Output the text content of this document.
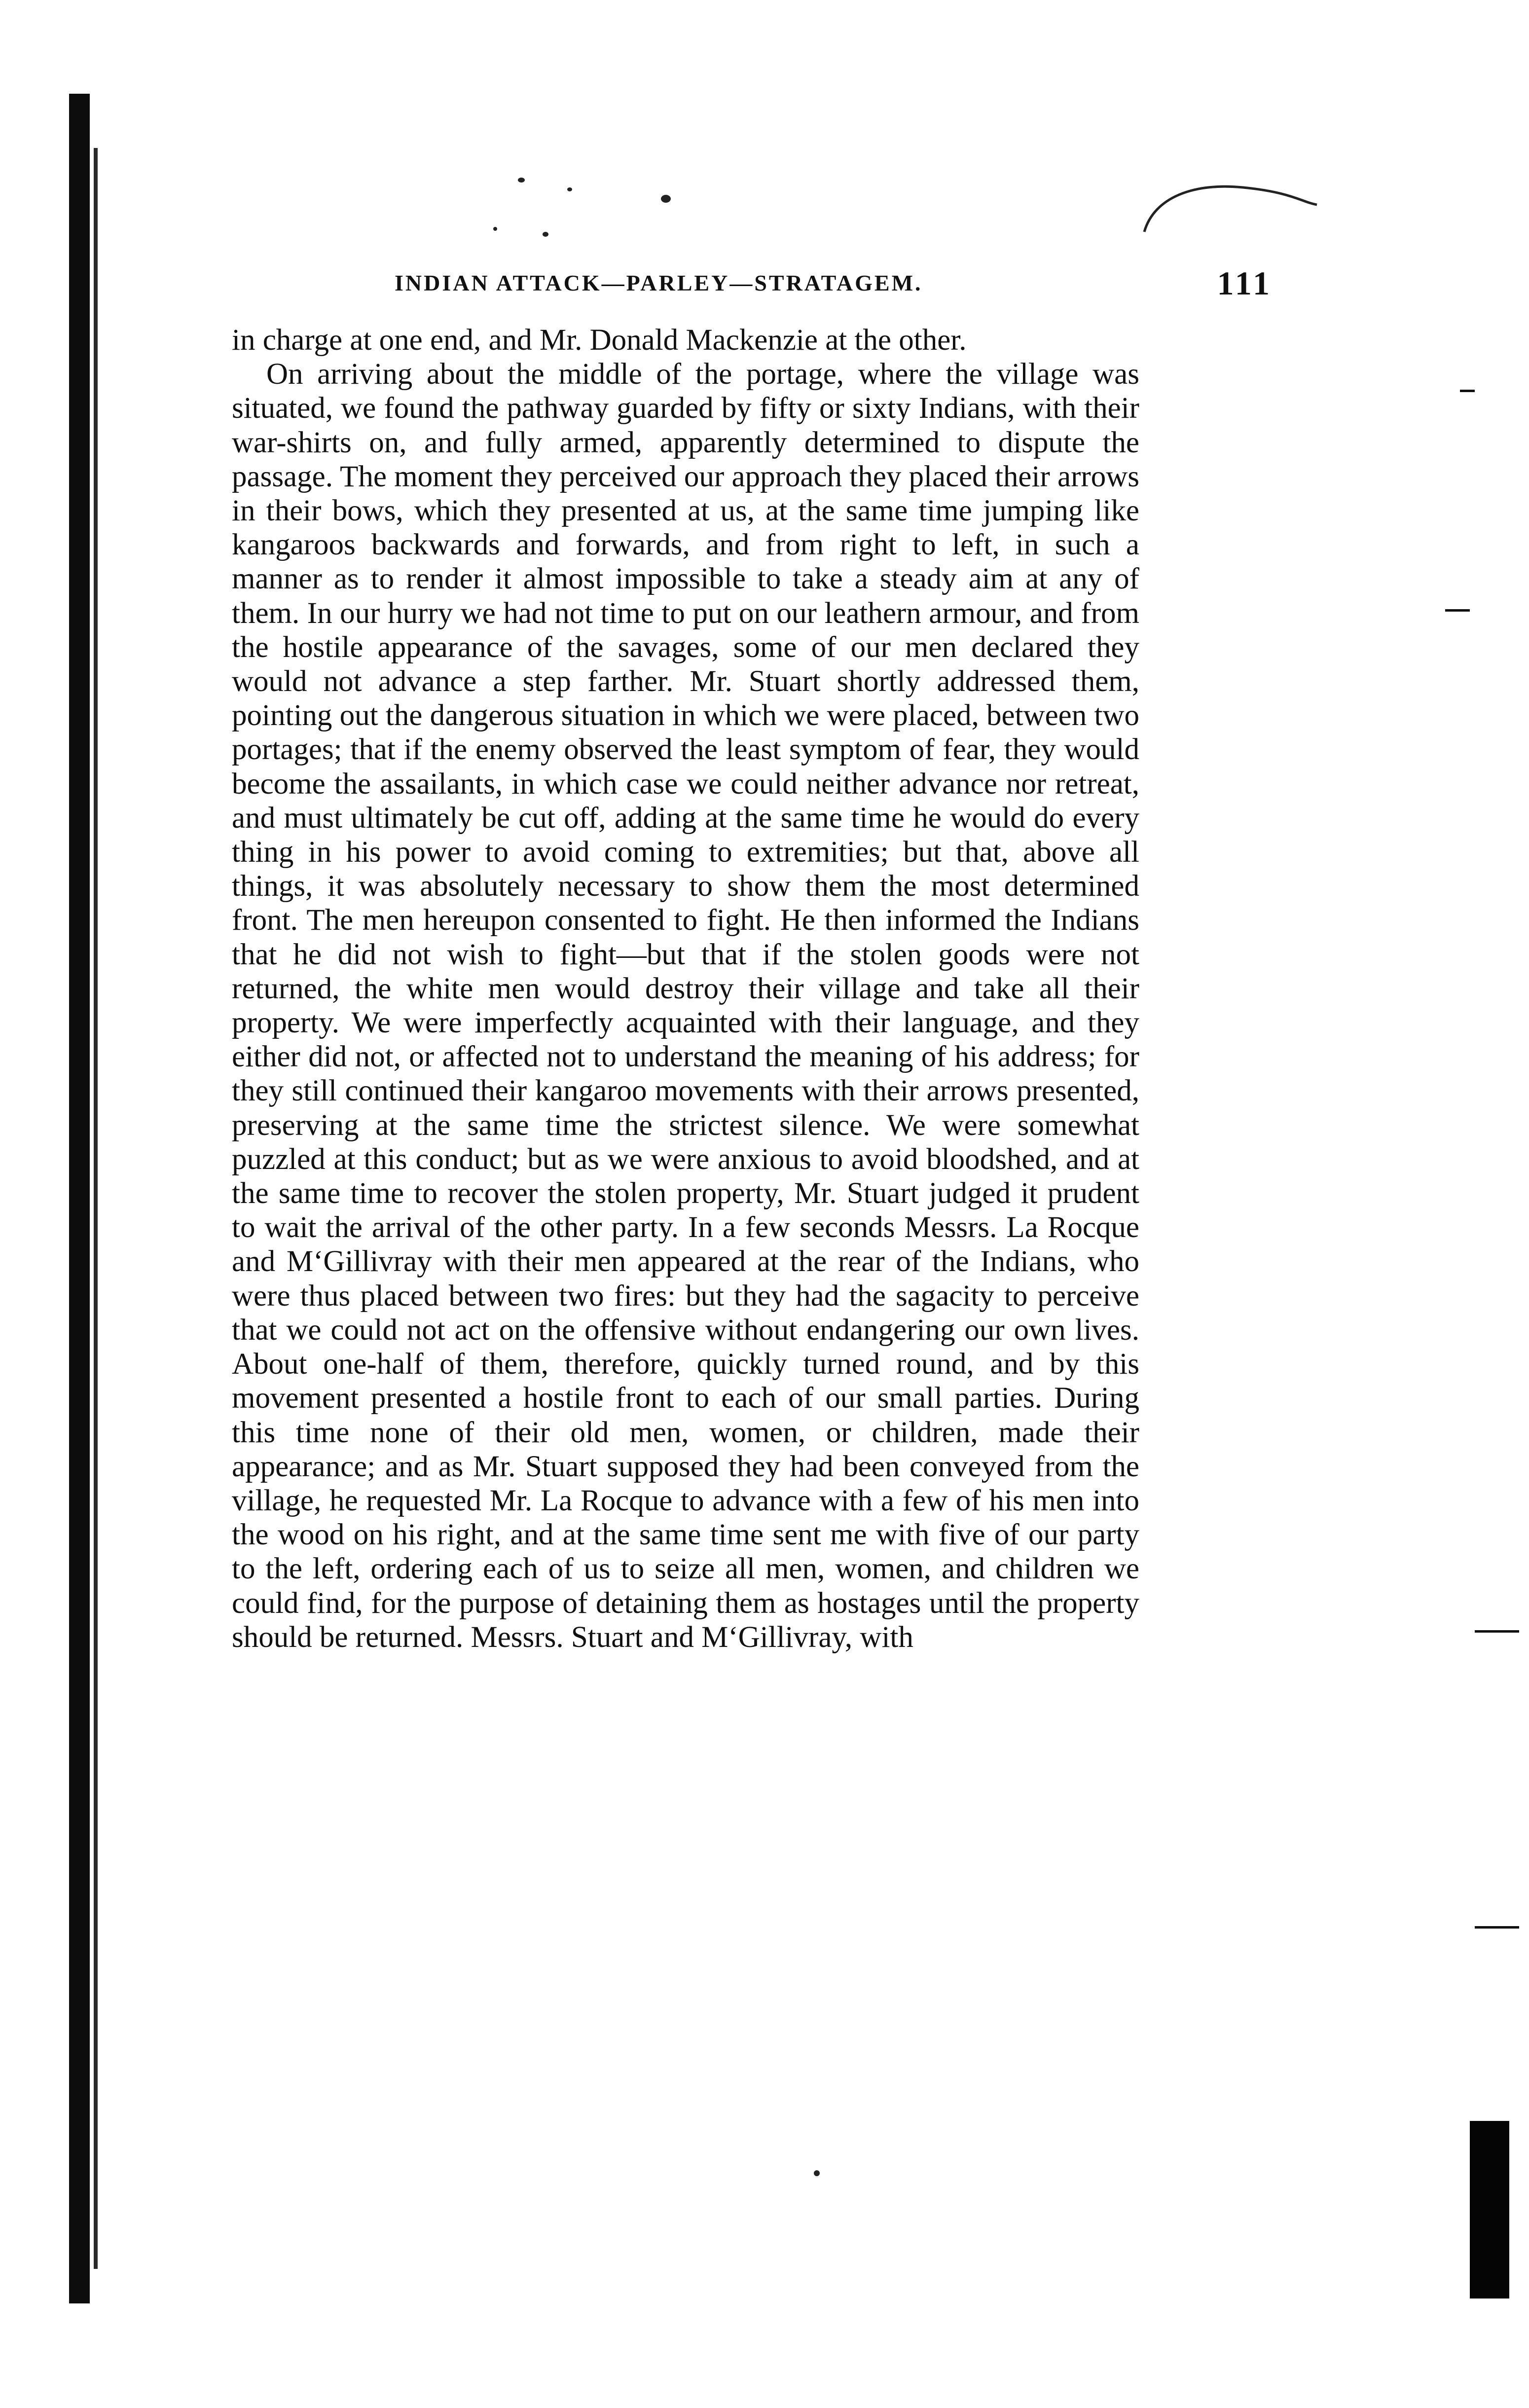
INDIAN ATTACK—PARLEY—STRATAGEM.	111

in charge at one end, and Mr. Donald Mackenzie at the other.

On arriving about the middle of the portage, where the village was situated, we found the pathway guarded by fifty or sixty Indians, with their war-shirts on, and fully armed, apparently determined to dispute the passage. The moment they perceived our approach they placed their arrows in their bows, which they presented at us, at the same time jumping like kangaroos backwards and forwards, and from right to left, in such a manner as to render it almost impossible to take a steady aim at any of them. In our hurry we had not time to put on our leathern armour, and from the hostile appearance of the savages, some of our men declared they would not advance a step farther. Mr. Stuart shortly addressed them, pointing out the dangerous situation in which we were placed, between two portages; that if the enemy observed the least symptom of fear, they would become the assailants, in which case we could neither advance nor retreat, and must ultimately be cut off, adding at the same time he would do every thing in his power to avoid coming to extremities; but that, above all things, it was absolutely necessary to show them the most determined front. The men hereupon consented to fight. He then informed the Indians that he did not wish to fight—but that if the stolen goods were not returned, the white men would destroy their village and take all their property. We were imperfectly acquainted with their language, and they either did not, or affected not to understand the meaning of his address; for they still continued their kangaroo movements with their arrows presented, preserving at the same time the strictest silence. We were somewhat puzzled at this conduct; but as we were anxious to avoid bloodshed, and at the same time to recover the stolen property, Mr. Stuart judged it prudent to wait the arrival of the other party. In a few seconds Messrs. La Rocque and M‘Gillivray with their men appeared at the rear of the Indians, who were thus placed between two fires: but they had the sagacity to perceive that we could not act on the offensive without endangering our own lives. About one-half of them, therefore, quickly turned round, and by this movement presented a hostile front to each of our small parties. During this time none of their old men, women, or children, made their appearance; and as Mr. Stuart supposed they had been conveyed from the village, he requested Mr. La Rocque to advance with a few of his men into the wood on his right, and at the same time sent me with five of our party to the left, ordering each of us to seize all men, women, and children we could find, for the purpose of detaining them as hostages until the property should be returned. Messrs. Stuart and M‘Gillivray, with
